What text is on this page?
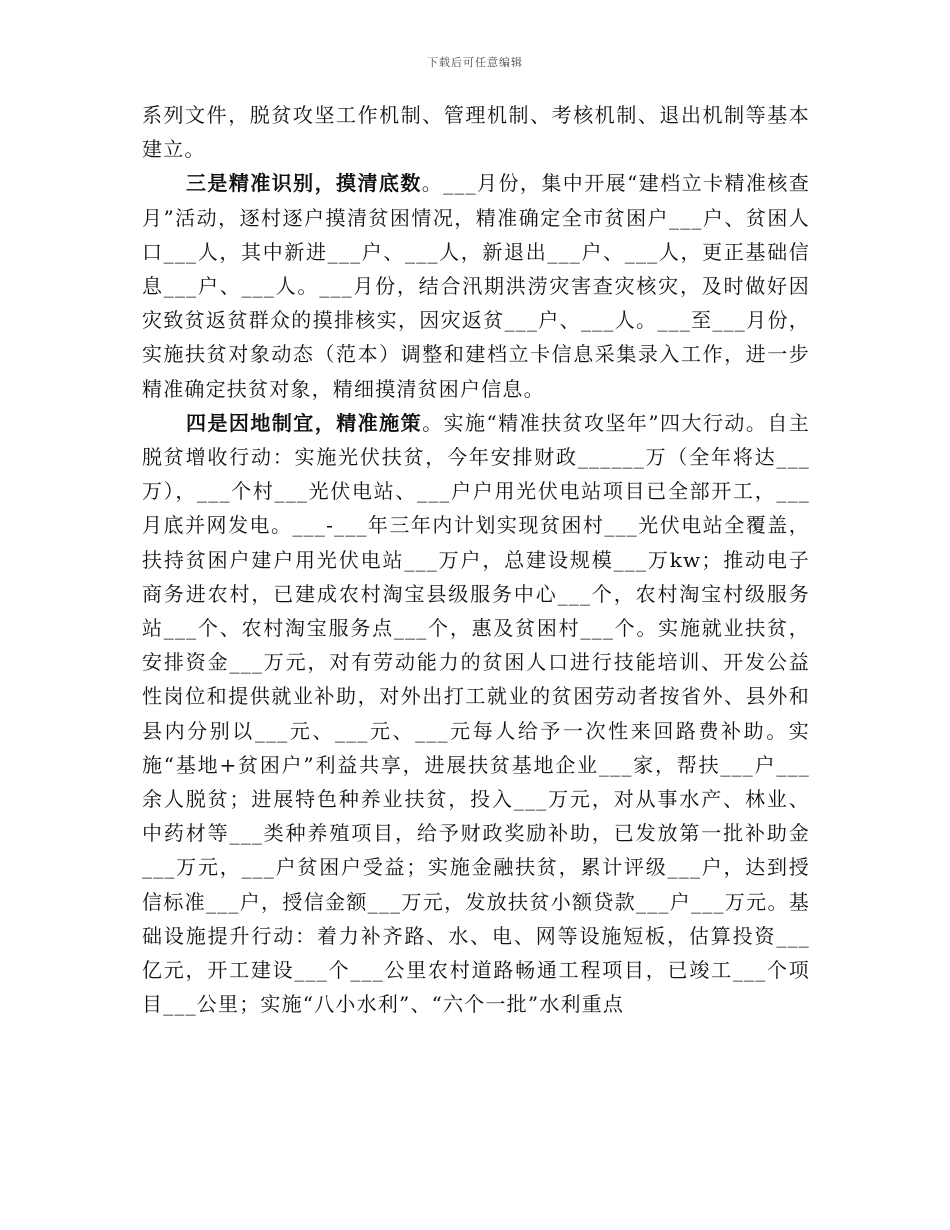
下载后可任意编辑

系列文件，脱贫攻坚工作机制、管理机制、考核机制、退出机制等基本建立。

三是精准识别，摸清底数。___月份，集中开展“建档立卡精准核查月”活动，逐村逐户摸清贫困情况，精准确定全市贫困户___户、贫困人口___人，其中新进___户、___人，新退出___户、___人，更正基础信息___户、___人。___月份，结合汛期洪涝灾害查灾核灾，及时做好因灾致贫返贫群众的摸排核实，因灾返贫___户、___人。___至___月份，实施扶贫对象动态（范本）调整和建档立卡信息采集录入工作，进一步精准确定扶贫对象，精细摸清贫困户信息。

四是因地制宜，精准施策。实施“精准扶贫攻坚年”四大行动。自主脱贫增收行动：实施光伏扶贫，今年安排财政______万（全年将达___万），___个村___光伏电站、___户户用光伏电站项目已全部开工，___月底并网发电。___-___年三年内计划实现贫困村___光伏电站全覆盖，扶持贫困户建户用光伏电站___万户，总建设规模___万kw；推动电子商务进农村，已建成农村淘宝县级服务中心___个，农村淘宝村级服务站___个、农村淘宝服务点___个，惠及贫困村___个。实施就业扶贫，安排资金___万元，对有劳动能力的贫困人口进行技能培训、开发公益性岗位和提供就业补助，对外出打工就业的贫困劳动者按省外、县外和县内分别以___元、___元、___元每人给予一次性来回路费补助。实施“基地+贫困户”利益共享，进展扶贫基地企业___家，帮扶___户___余人脱贫；进展特色种养业扶贫，投入___万元，对从事水产、林业、中药材等___类种养殖项目，给予财政奖励补助，已发放第一批补助金___万元，___户贫困户受益；实施金融扶贫，累计评级___户，达到授信标准___户，授信金额___万元，发放扶贫小额贷款___户___万元。基础设施提升行动：着力补齐路、水、电、网等设施短板，估算投资___亿元，开工建设___个___公里农村道路畅通工程项目，已竣工___个项目___公里；实施“八小水利”、“六个一批”水利重点
